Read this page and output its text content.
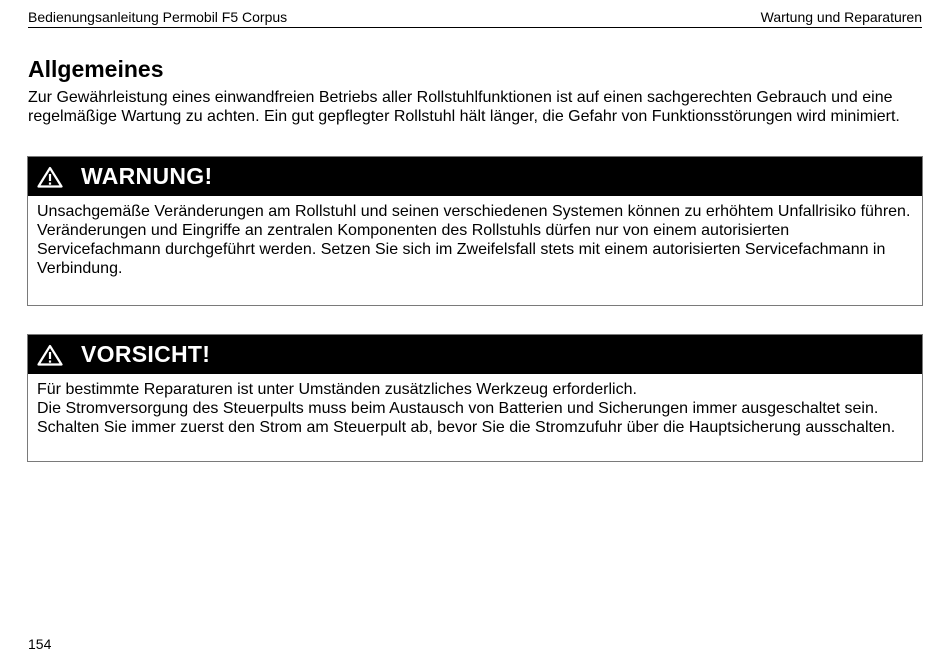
Bedienungsanleitung Permobil F5 Corpus	Wartung und Reparaturen
Allgemeines

Zur Gewährleistung eines einwandfreien Betriebs aller Rollstuhlfunktionen ist auf einen sachgerechten Gebrauch und eine regelmäßige Wartung zu achten. Ein gut gepflegter Rollstuhl hält länger, die Gefahr von Funktionsstörungen wird minimiert.

WARNUNG!

Unsachgemäße Veränderungen am Rollstuhl und seinen verschiedenen Systemen können zu erhöhtem Unfallrisiko führen.

Veränderungen und Eingriffe an zentralen Komponenten des Rollstuhls dürfen nur von einem autorisierten Servicefachmann durchgeführt werden. Setzen Sie sich im Zweifelsfall stets mit einem autorisierten Servicefachmann in Verbindung.

VORSICHT!

Für bestimmte Reparaturen ist unter Umständen zusätzliches Werkzeug erforderlich.

Die Stromversorgung des Steuerpults muss beim Austausch von Batterien und Sicherungen immer ausgeschaltet sein. Schalten Sie immer zuerst den Strom am Steuerpult ab, bevor Sie die Stromzufuhr über die Hauptsicherung ausschalten.

154
